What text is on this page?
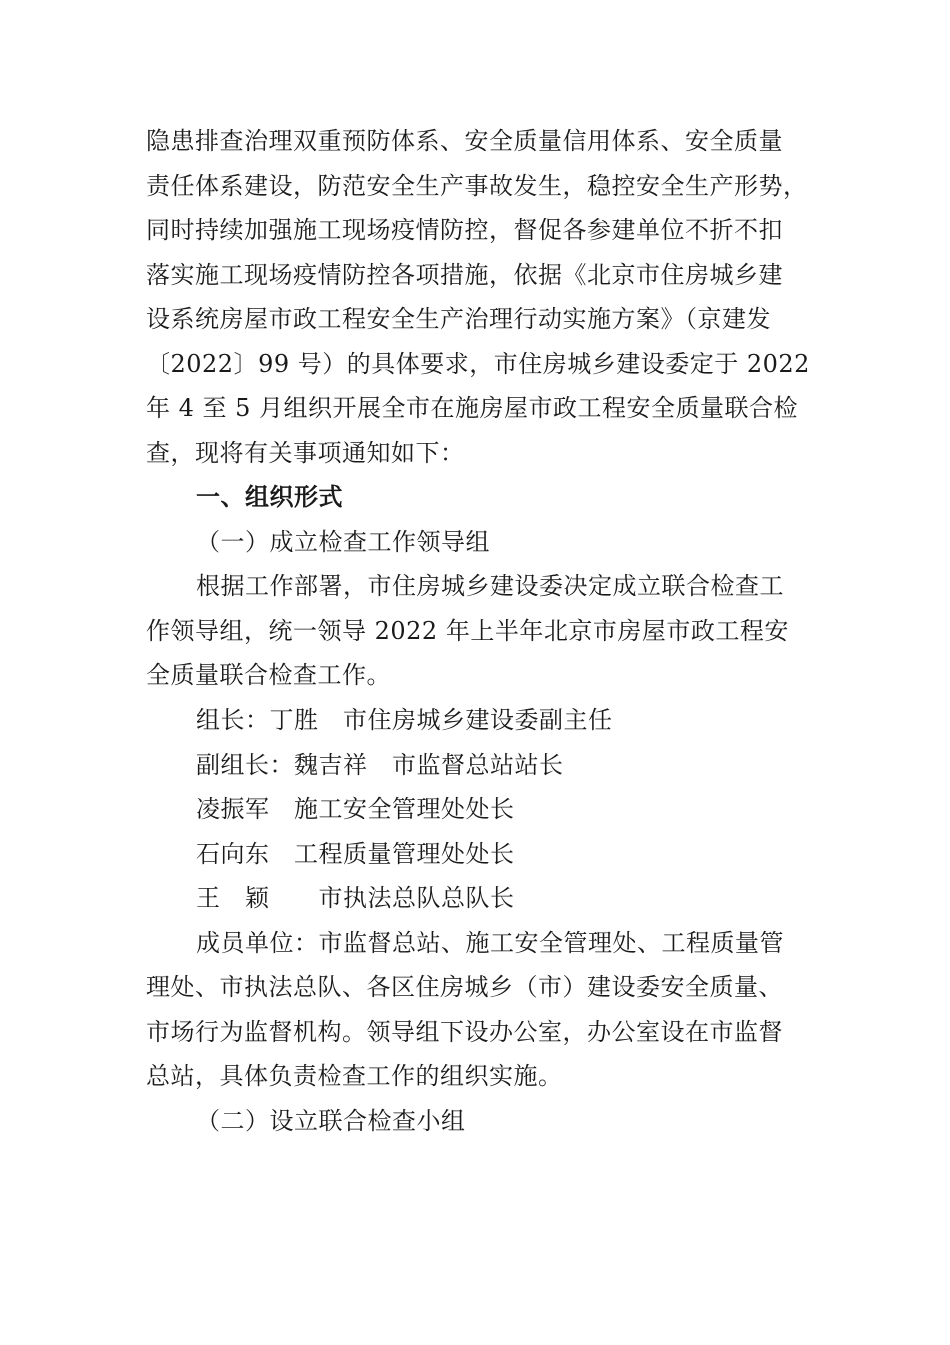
隐患排查治理双重预防体系、安全质量信用体系、安全质量
责任体系建设，防范安全生产事故发生，稳控安全生产形势，
同时持续加强施工现场疫情防控，督促各参建单位不折不扣
落实施工现场疫情防控各项措施，依据《北京市住房城乡建
设系统房屋市政工程安全生产治理行动实施方案》（京建发
〔2022〕99 号）的具体要求，市住房城乡建设委定于 2022
年 4 至 5 月组织开展全市在施房屋市政工程安全质量联合检
查，现将有关事项通知如下：
一、组织形式
（一）成立检查工作领导组
根据工作部署，市住房城乡建设委决定成立联合检查工
作领导组，统一领导 2022 年上半年北京市房屋市政工程安
全质量联合检查工作。
组长：丁胜　市住房城乡建设委副主任
副组长：魏吉祥　市监督总站站长
凌振军　施工安全管理处处长
石向东　工程质量管理处处长
王　颖　　市执法总队总队长
成员单位：市监督总站、施工安全管理处、工程质量管
理处、市执法总队、各区住房城乡（市）建设委安全质量、
市场行为监督机构。领导组下设办公室，办公室设在市监督
总站，具体负责检查工作的组织实施。
（二）设立联合检查小组
